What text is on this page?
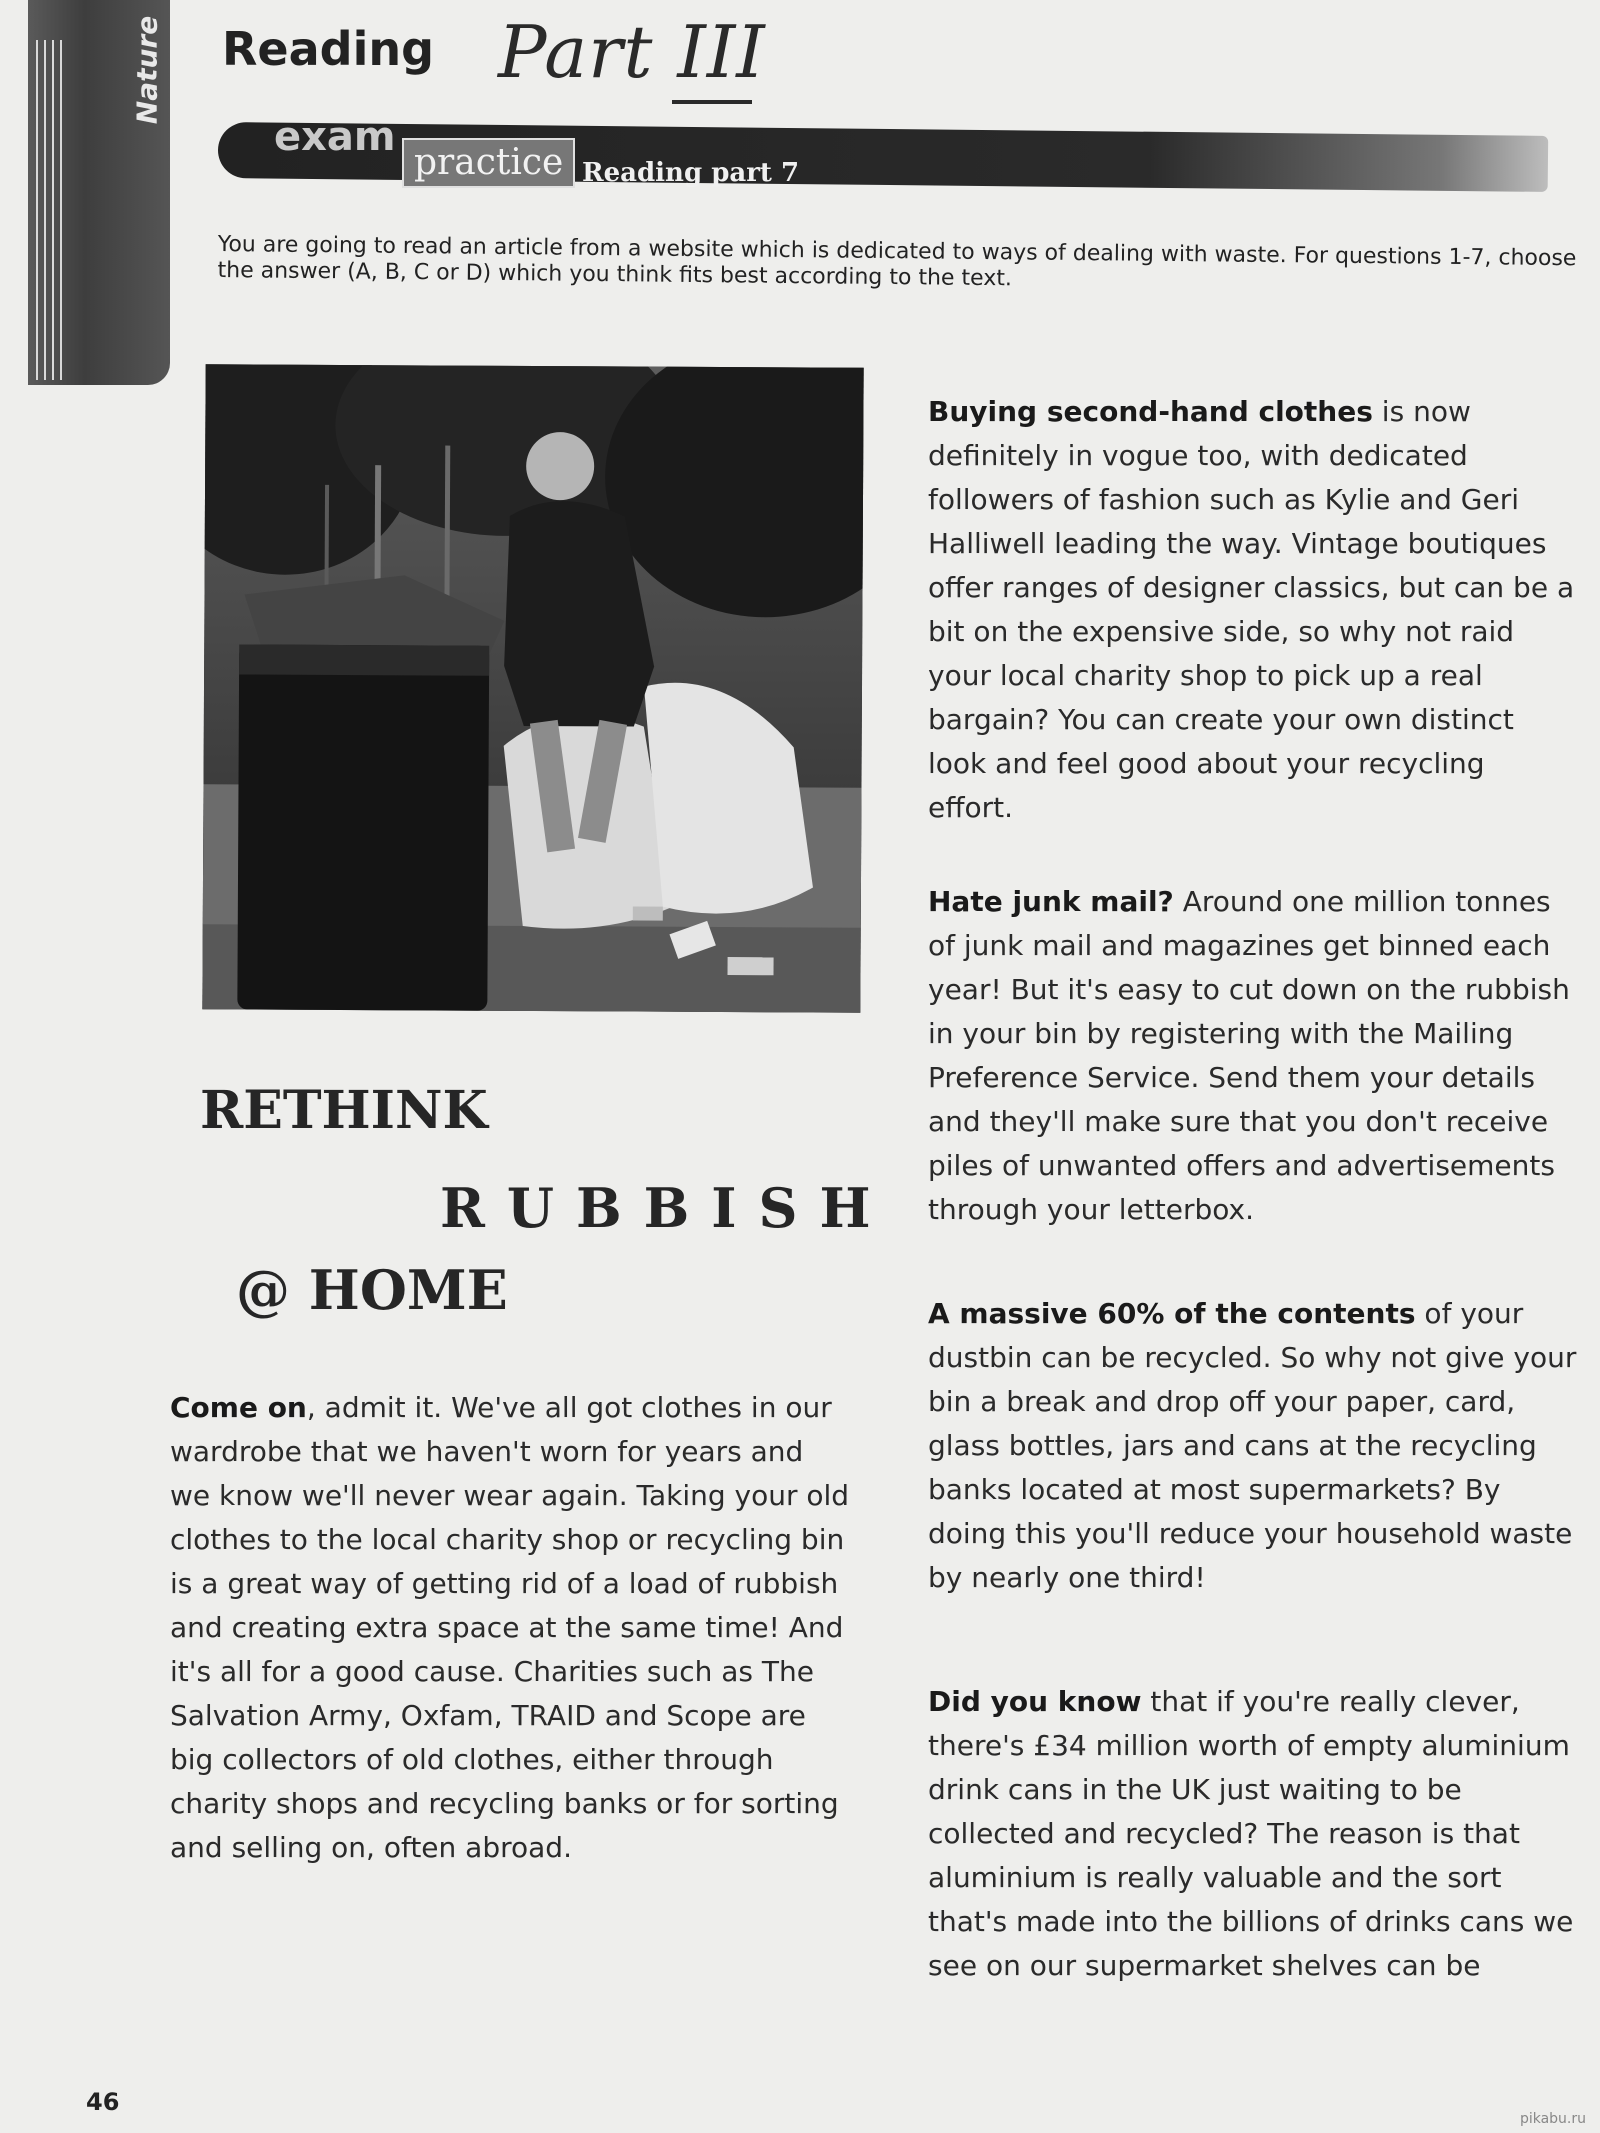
Nature Reading Part III
exam
practice Reading part 7
You are going to read an article from a website which is dedicated to ways of dealing with waste. For questions 1-7, choose the answer (A, B, C or D) which you think fits best according to the text.
RETHINK
RUBBISH
@ HOME
Come on, admit it. We've all got clothes in our wardrobe that we haven't worn for years and we know we'll never wear again. Taking your old clothes to the local charity shop or recycling bin is a great way of getting rid of a load of rubbish and creating extra space at the same time! And it's all for a good cause. Charities such as The Salvation Army, Oxfam, TRAID and Scope are big collectors of old clothes, either through charity shops and recycling banks or for sorting and selling on, often abroad.
Buying second-hand clothes is now definitely in vogue too, with dedicated followers of fashion such as Kylie and Geri Halliwell leading the way. Vintage boutiques offer ranges of designer classics, but can be a bit on the expensive side, so why not raid your local charity shop to pick up a real bargain? You can create your own distinct look and feel good about your recycling effort.
Hate junk mail? Around one million tonnes of junk mail and magazines get binned each year! But it's easy to cut down on the rubbish in your bin by registering with the Mailing Preference Service. Send them your details and they'll make sure that you don't receive piles of unwanted offers and advertisements through your letterbox.
A massive 60% of the contents of your dustbin can be recycled. So why not give your bin a break and drop off your paper, card, glass bottles, jars and cans at the recycling banks located at most supermarkets? By doing this you'll reduce your household waste by nearly one third!
Did you know that if you're really clever, there's £34 million worth of empty aluminium drink cans in the UK just waiting to be collected and recycled? The reason is that aluminium is really valuable and the sort that's made into the billions of drinks cans we see on our supermarket shelves can be
46
pikabu.ru
